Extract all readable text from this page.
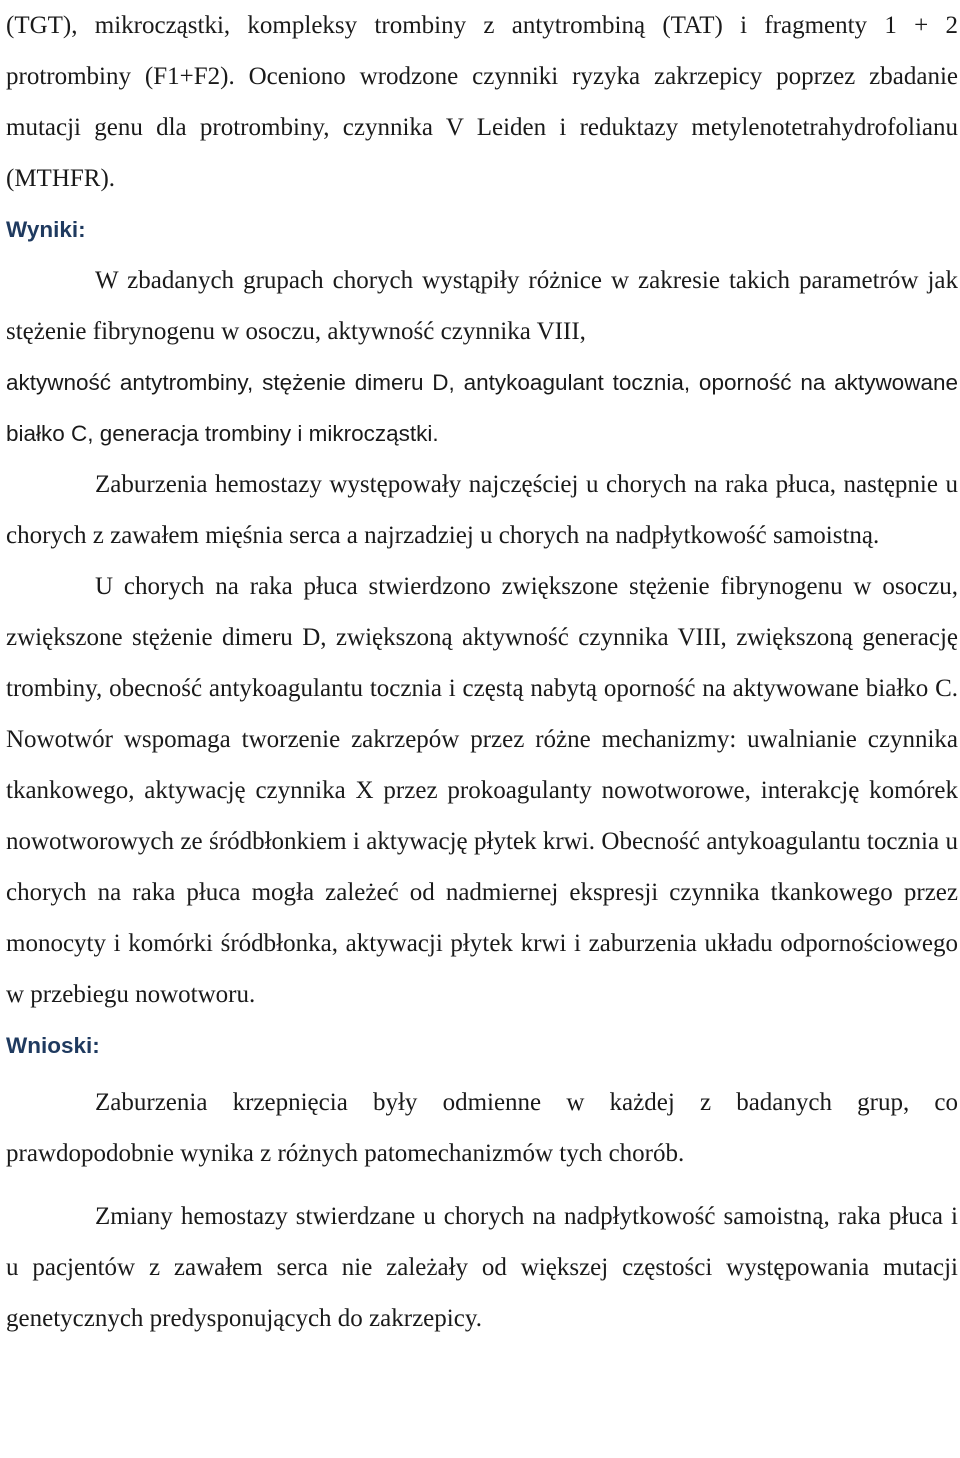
(TGT), mikrocząstki, kompleksy trombiny z antytrombiną (TAT) i fragmenty 1 + 2 protrombiny (F1+F2). Oceniono wrodzone czynniki ryzyka zakrzepicy poprzez zbadanie mutacji genu dla protrombiny, czynnika V Leiden i reduktazy metylenotetrahydrofolianu (MTHFR).

Wyniki:

W zbadanych grupach chorych wystąpiły różnice w zakresie takich parametrów jak stężenie fibrynogenu w osoczu, aktywność czynnika VIII,

aktywność antytrombiny, stężenie dimeru D, antykoagulant tocznia, oporność na aktywowane białko C, generacja trombiny i mikrocząstki.

Zaburzenia hemostazy występowały najczęściej u chorych na raka płuca, następnie u chorych z zawałem mięśnia serca a najrzadziej u chorych na nadpłytkowość samoistną.

U chorych na raka płuca stwierdzono zwiększone stężenie fibrynogenu w osoczu, zwiększone stężenie dimeru D, zwiększoną aktywność czynnika VIII, zwiększoną generację trombiny, obecność antykoagulantu tocznia i częstą nabytą oporność na aktywowane białko C. Nowotwór wspomaga tworzenie zakrzepów przez różne mechanizmy: uwalnianie czynnika tkankowego, aktywację czynnika X przez prokoagulanty nowotworowe, interakcję komórek nowotworowych ze śródbłonkiem i aktywację płytek krwi. Obecność antykoagulantu tocznia u chorych na raka płuca mogła zależeć od nadmiernej ekspresji czynnika tkankowego przez monocyty i komórki śródbłonka, aktywacji płytek krwi i zaburzenia układu odpornościowego w przebiegu nowotworu.

Wnioski:

Zaburzenia krzepnięcia były odmienne w każdej z badanych grup, co prawdopodobnie wynika z różnych patomechanizmów tych chorób.

Zmiany hemostazy stwierdzane u chorych na nadpłytkowość samoistną, raka płuca i u pacjentów z zawałem serca nie zależały od większej częstości występowania mutacji genetycznych predysponujących do zakrzepicy.
